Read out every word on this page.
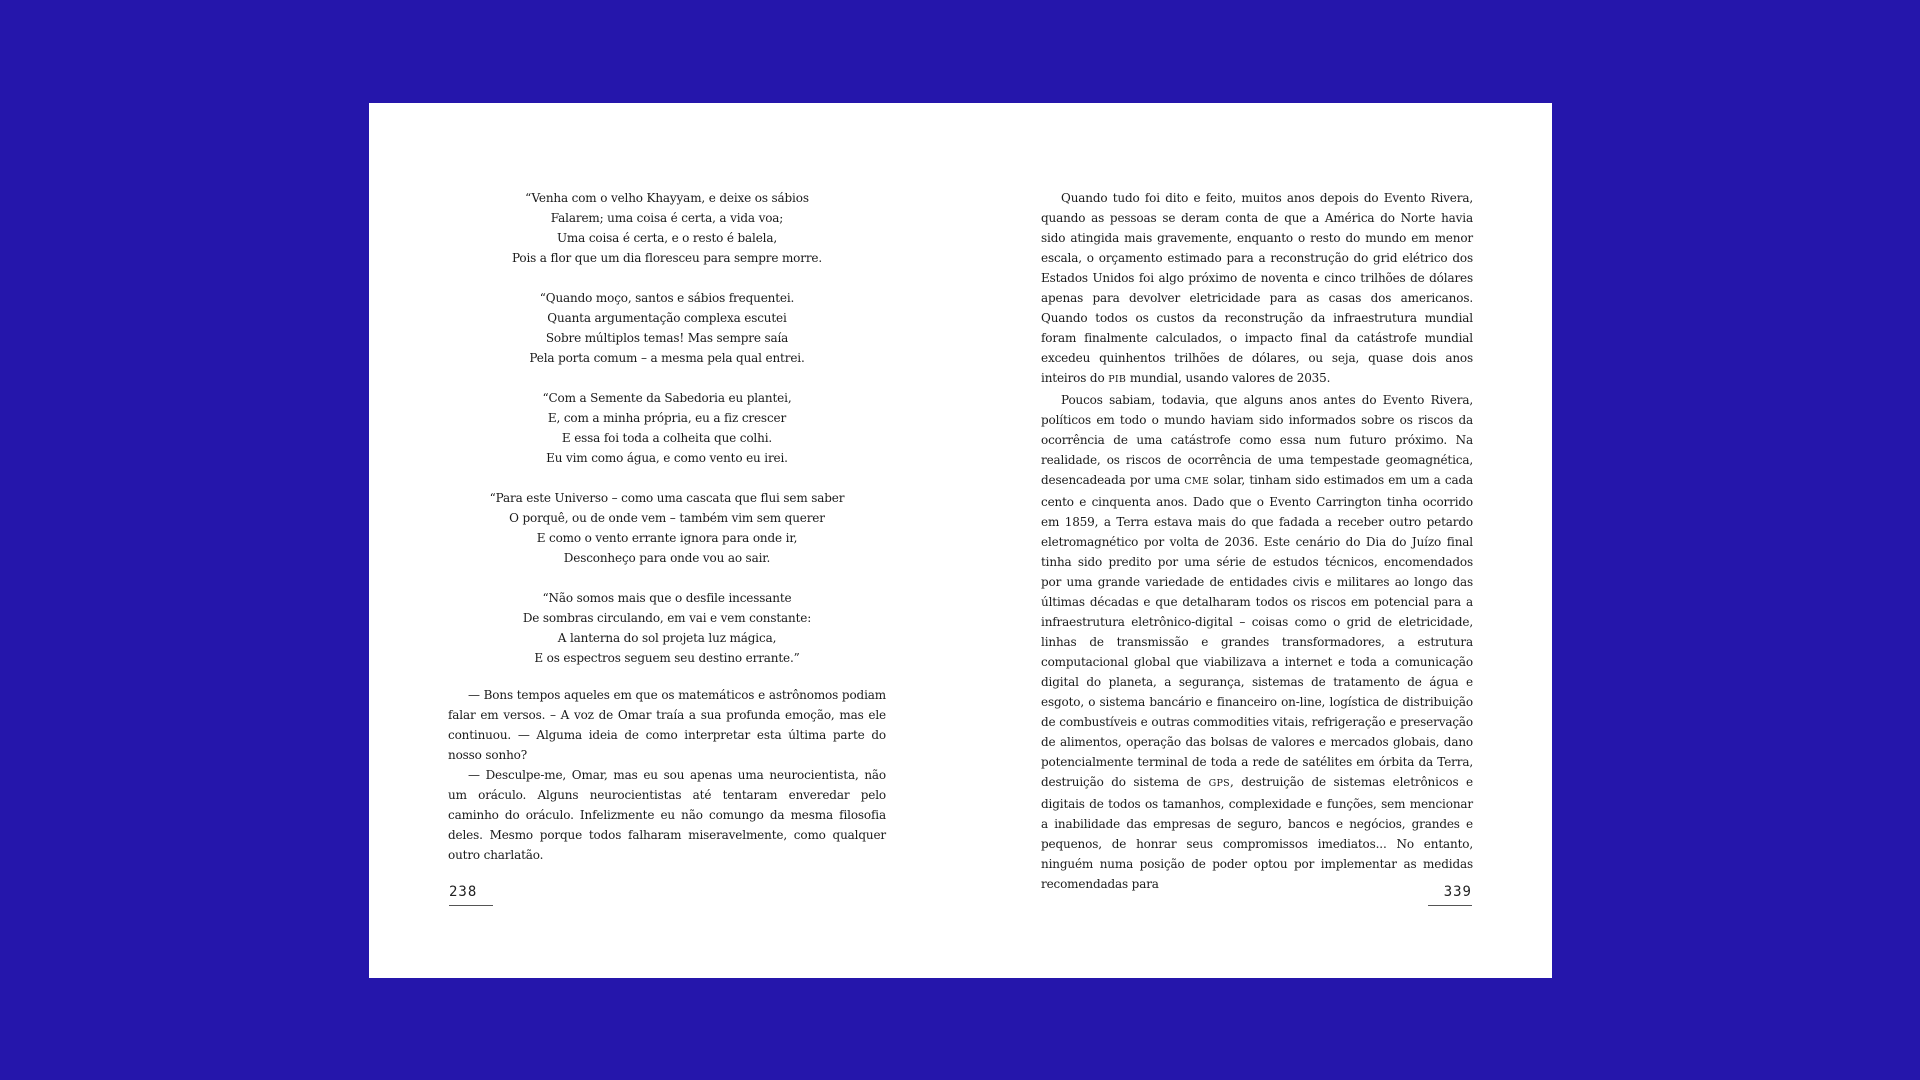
“Venha com o velho Khayyam, e deixe os sábios
Falarem; uma coisa é certa, a vida voa;
Uma coisa é certa, e o resto é balela,
Pois a flor que um dia floresceu para sempre morre.
“Quando moço, santos e sábios frequentei.
Quanta argumentação complexa escutei
Sobre múltiplos temas! Mas sempre saía
Pela porta comum – a mesma pela qual entrei.
“Com a Semente da Sabedoria eu plantei,
E, com a minha própria, eu a fiz crescer
E essa foi toda a colheita que colhi.
Eu vim como água, e como vento eu irei.
“Para este Universo – como uma cascata que flui sem saber
O porquê, ou de onde vem – também vim sem querer
E como o vento errante ignora para onde ir,
Desconheço para onde vou ao sair.
“Não somos mais que o desfile incessante
De sombras circulando, em vai e vem constante:
A lanterna do sol projeta luz mágica,
E os espectros seguem seu destino errante.”

— Bons tempos aqueles em que os matemáticos e astrônomos podiam falar em versos. – A voz de Omar traía a sua profunda emoção, mas ele continuou. — Alguma ideia de como interpretar esta última parte do nosso sonho?

— Desculpe-me, Omar, mas eu sou apenas uma neurocientista, não um oráculo. Alguns neurocientistas até tentaram enveredar pelo caminho do oráculo. Infelizmente eu não comungo da mesma filosofia deles. Mesmo porque todos falharam miseravelmente, como qualquer outro charlatão.

238

Quando tudo foi dito e feito, muitos anos depois do Evento Rivera, quando as pessoas se deram conta de que a América do Norte havia sido atingida mais gravemente, enquanto o resto do mundo em menor escala, o orçamento estimado para a reconstrução do grid elétrico dos Estados Unidos foi algo próximo de noventa e cinco trilhões de dólares apenas para devolver eletricidade para as casas dos americanos. Quando todos os custos da reconstrução da infraestrutura mundial foram finalmente calculados, o impacto final da catástrofe mundial excedeu quinhentos trilhões de dólares, ou seja, quase dois anos inteiros do PIB mundial, usando valores de 2035.

Poucos sabiam, todavia, que alguns anos antes do Evento Rivera, políticos em todo o mundo haviam sido informados sobre os riscos da ocorrência de uma catástrofe como essa num futuro próximo. Na realidade, os riscos de ocorrência de uma tempestade geomagnética, desencadeada por uma CME solar, tinham sido estimados em um a cada cento e cinquenta anos. Dado que o Evento Carrington tinha ocorrido em 1859, a Terra estava mais do que fadada a receber outro petardo eletromagnético por volta de 2036. Este cenário do Dia do Juízo final tinha sido predito por uma série de estudos técnicos, encomendados por uma grande variedade de entidades civis e militares ao longo das últimas décadas e que detalharam todos os riscos em potencial para a infraestrutura eletrônico-digital – coisas como o grid de eletricidade, linhas de transmissão e grandes transformadores, a estrutura computacional global que viabilizava a internet e toda a comunicação digital do planeta, a segurança, sistemas de tratamento de água e esgoto, o sistema bancário e financeiro on-line, logística de distribuição de combustíveis e outras commodities vitais, refrigeração e preservação de alimentos, operação das bolsas de valores e mercados globais, dano potencialmente terminal de toda a rede de satélites em órbita da Terra, destruição do sistema de GPS, destruição de sistemas eletrônicos e digitais de todos os tamanhos, complexidade e funções, sem mencionar a inabilidade das empresas de seguro, bancos e negócios, grandes e pequenos, de honrar seus compromissos imediatos... No entanto, ninguém numa posição de poder optou por implementar as medidas recomendadas para	339
